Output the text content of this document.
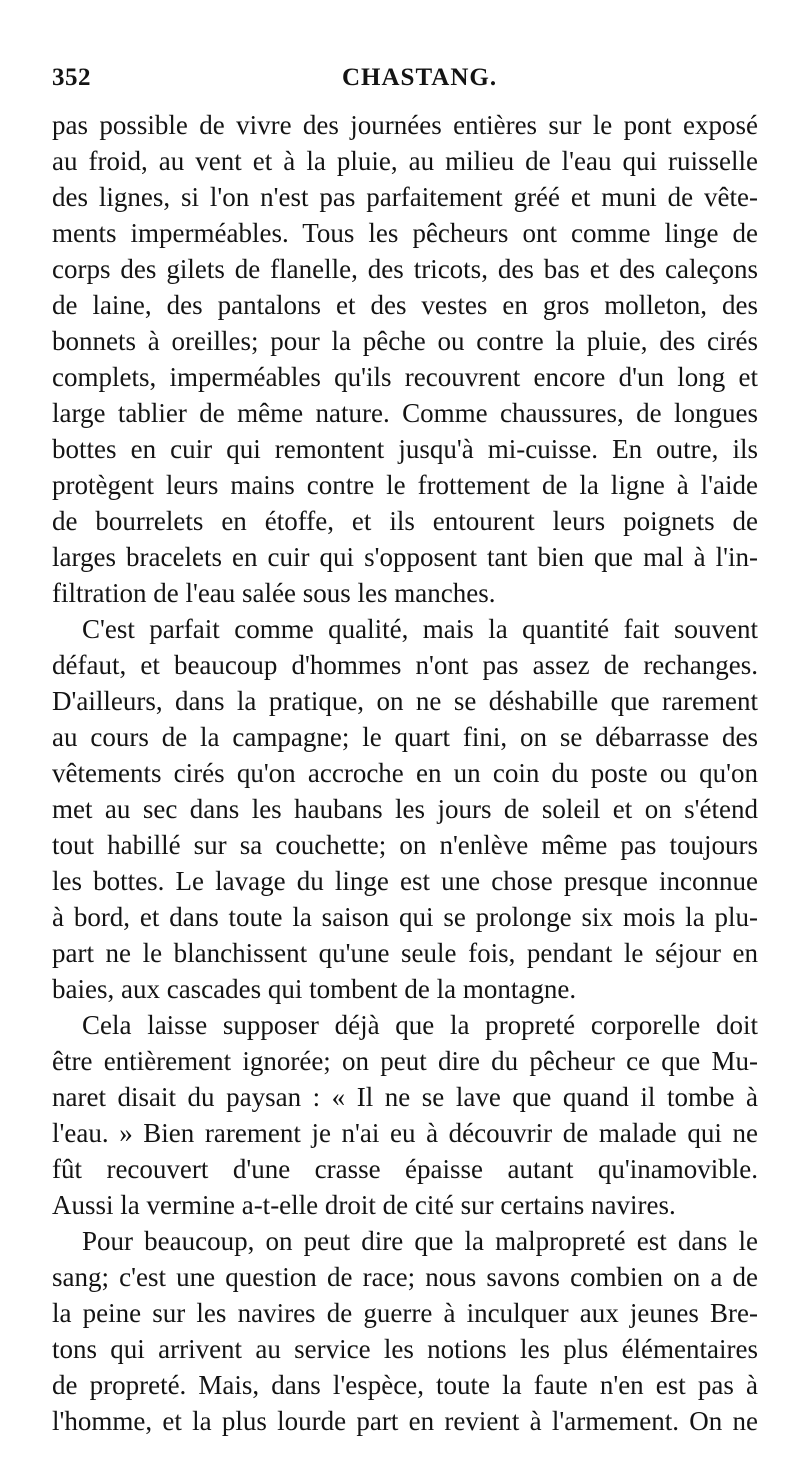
352	CHASTANG.
pas possible de vivre des journées entières sur le pont exposé
au froid, au vent et à la pluie, au milieu de l'eau qui ruisselle
des lignes, si l'on n'est pas parfaitement gréé et muni de vête-
ments imperméables. Tous les pêcheurs ont comme linge de
corps des gilets de flanelle, des tricots, des bas et des caleçons
de laine, des pantalons et des vestes en gros molleton, des
bonnets à oreilles; pour la pêche ou contre la pluie, des cirés
complets, imperméables qu'ils recouvrent encore d'un long et
large tablier de même nature. Comme chaussures, de longues
bottes en cuir qui remontent jusqu'à mi-cuisse. En outre, ils
protègent leurs mains contre le frottement de la ligne à l'aide
de bourrelets en étoffe, et ils entourent leurs poignets de
larges bracelets en cuir qui s'opposent tant bien que mal à l'in-
filtration de l'eau salée sous les manches.
C'est parfait comme qualité, mais la quantité fait souvent
défaut, et beaucoup d'hommes n'ont pas assez de rechanges.
D'ailleurs, dans la pratique, on ne se déshabille que rarement
au cours de la campagne; le quart fini, on se débarrasse des
vêtements cirés qu'on accroche en un coin du poste ou qu'on
met au sec dans les haubans les jours de soleil et on s'étend
tout habillé sur sa couchette; on n'enlève même pas toujours
les bottes. Le lavage du linge est une chose presque inconnue
à bord, et dans toute la saison qui se prolonge six mois la plu-
part ne le blanchissent qu'une seule fois, pendant le séjour en
baies, aux cascades qui tombent de la montagne.
Cela laisse supposer déjà que la propreté corporelle doit
être entièrement ignorée; on peut dire du pêcheur ce que Mu-
naret disait du paysan : « Il ne se lave que quand il tombe à
l'eau. » Bien rarement je n'ai eu à découvrir de malade qui ne
fût recouvert d'une crasse épaisse autant qu'inamovible.
Aussi la vermine a-t-elle droit de cité sur certains navires.
Pour beaucoup, on peut dire que la malpropreté est dans le
sang; c'est une question de race; nous savons combien on a de
la peine sur les navires de guerre à inculquer aux jeunes Bre-
tons qui arrivent au service les notions les plus élémentaires
de propreté. Mais, dans l'espèce, toute la faute n'en est pas à
l'homme, et la plus lourde part en revient à l'armement. On ne
